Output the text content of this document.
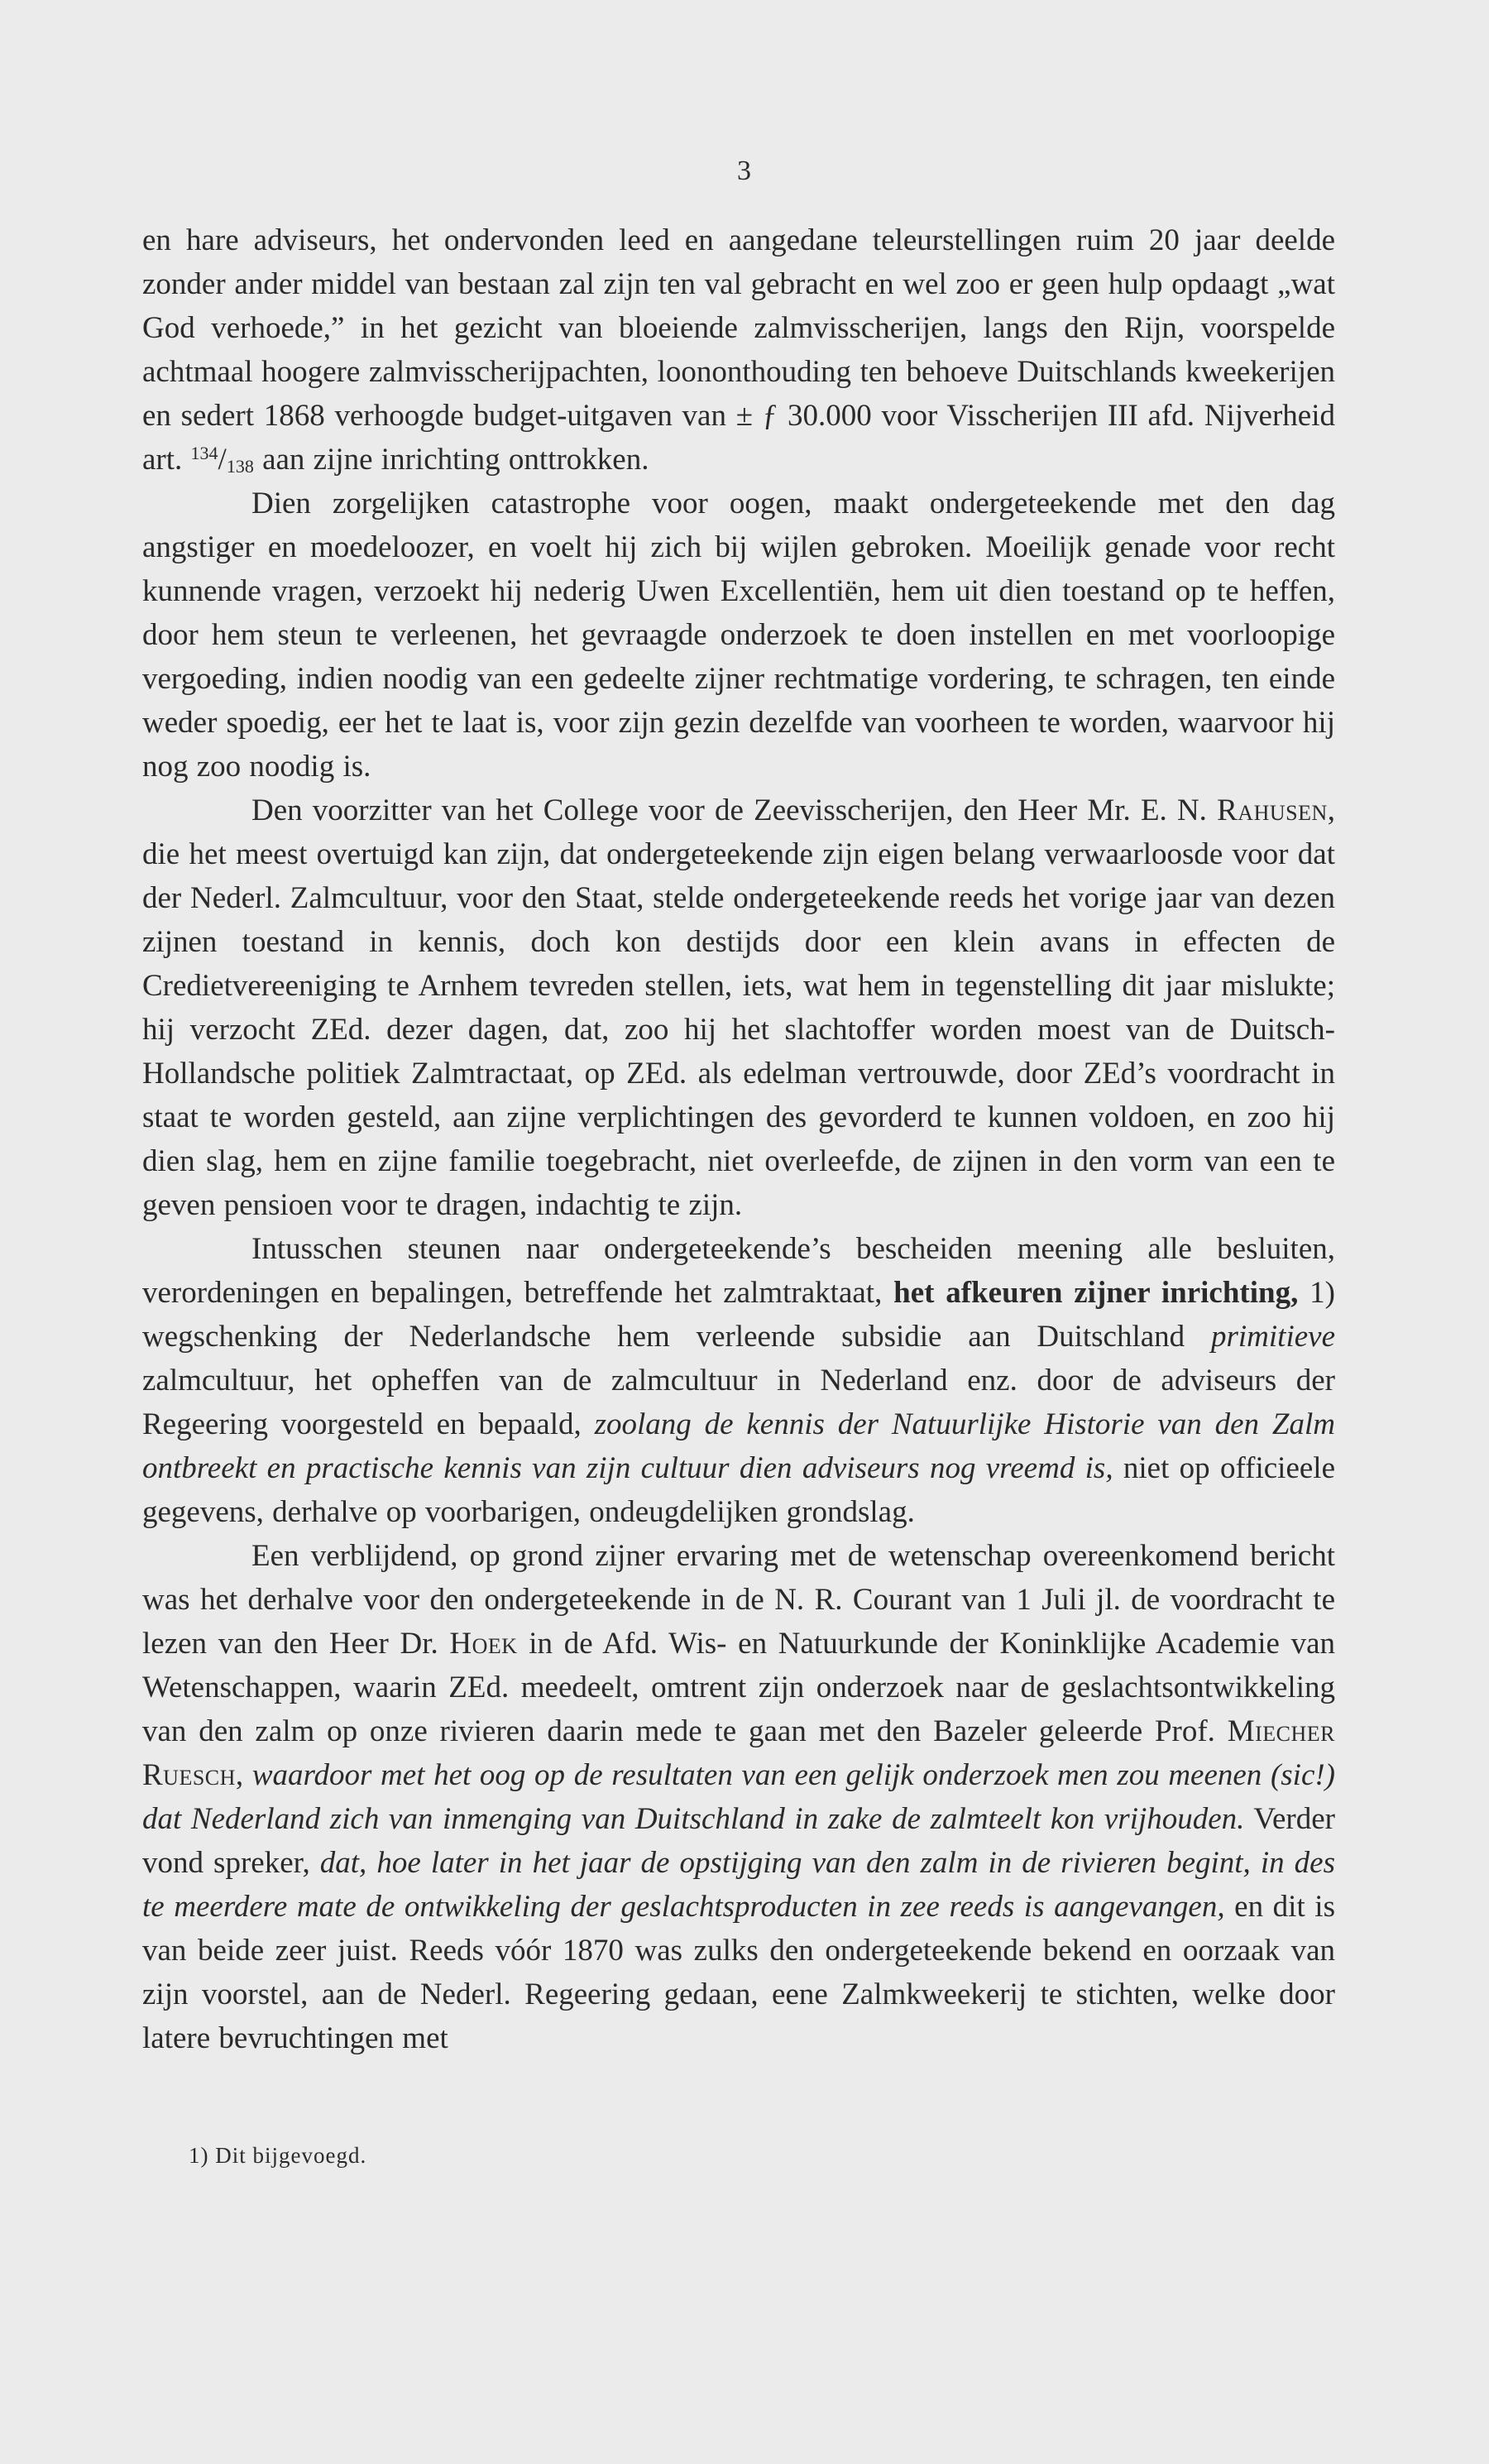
3

en hare adviseurs, het ondervonden leed en aangedane teleurstellingen ruim 20 jaar deelde zonder ander middel van bestaan zal zijn ten val gebracht en wel zoo er geen hulp opdaagt „wat God verhoede,” in het gezicht van bloeiende zalmvisscherijen, langs den Rijn, voorspelde achtmaal hoogere zalmvisscherijpachten, loononthouding ten behoeve Duitschlands kweekerijen en sedert 1868 verhoogde budget-uitgaven van ± ƒ 30.000 voor Visscherijen III afd. Nijverheid art. $^{134}$/138 aan zijne inrichting onttrokken.

Dien zorgelijken catastrophe voor oogen, maakt ondergeteekende met den dag angstiger en moedeloozer, en voelt hij zich bij wijlen gebroken. Moeilijk genade voor recht kunnende vragen, verzoekt hij nederig Uwen Excellentiën, hem uit dien toestand op te heffen, door hem steun te verleenen, het gevraagde onderzoek te doen instellen en met voorloopige vergoeding, indien noodig van een gedeelte zijner rechtmatige vordering, te schragen, ten einde weder spoedig, eer het te laat is, voor zijn gezin dezelfde van voorheen te worden, waarvoor hij nog zoo noodig is.

Den voorzitter van het College voor de Zeevisscherijen, den Heer Mr. E. N. Rahusen, die het meest overtuigd kan zijn, dat ondergeteekende zijn eigen belang verwaarloosde voor dat der Nederl. Zalmcultuur, voor den Staat, stelde ondergeteekende reeds het vorige jaar van dezen zijnen toestand in kennis, doch kon destijds door een klein avans in effecten de Credietvereeniging te Arnhem tevreden stellen, iets, wat hem in tegenstelling dit jaar mislukte; hij verzocht ZEd. dezer dagen, dat, zoo hij het slachtoffer worden moest van de Duitsch-Hollandsche politiek Zalmtractaat, op ZEd. als edelman vertrouwde, door ZEd’s voordracht in staat te worden gesteld, aan zijne verplichtingen des gevorderd te kunnen voldoen, en zoo hij dien slag, hem en zijne familie toegebracht, niet overleefde, de zijnen in den vorm van een te geven pensioen voor te dragen, indachtig te zijn.

Intusschen steunen naar ondergeteekende’s bescheiden meening alle besluiten, verordeningen en bepalingen, betreffende het zalmtraktaat, het afkeuren zijner inrichting, 1) wegschenking der Nederlandsche hem verleende subsidie aan Duitschland primitieve zalmcultuur, het opheffen van de zalmcultuur in Nederland enz. door de adviseurs der Regeering voorgesteld en bepaald, zoolang de kennis der Natuurlijke Historie van den Zalm ontbreekt en practische kennis van zijn cultuur dien adviseurs nog vreemd is, niet op officieele gegevens, derhalve op voorbarigen, ondeugdelijken grondslag.

Een verblijdend, op grond zijner ervaring met de wetenschap overeenkomend bericht was het derhalve voor den ondergeteekende in de N. R. Courant van 1 Juli jl. de voordracht te lezen van den Heer Dr. Hoek in de Afd. Wis- en Natuurkunde der Koninklijke Academie van Wetenschappen, waarin ZEd. meedeelt, omtrent zijn onderzoek naar de geslachtsontwikkeling van den zalm op onze rivieren daarin mede te gaan met den Bazeler geleerde Prof. Miecher Ruesch, waardoor met het oog op de resultaten van een gelijk onderzoek men zou meenen (sic!) dat Nederland zich van inmenging van Duitschland in zake de zalmteelt kon vrijhouden. Verder vond spreker, dat, hoe later in het jaar de opstijging van den zalm in de rivieren begint, in des te meerdere mate de ontwikkeling der geslachtsproducten in zee reeds is aangevangen, en dit is van beide zeer juist. Reeds vóór 1870 was zulks den ondergeteekende bekend en oorzaak van zijn voorstel, aan de Nederl. Regeering gedaan, eene Zalmkweekerij te stichten, welke door latere bevruchtingen met

1) Dit bijgevoegd.
